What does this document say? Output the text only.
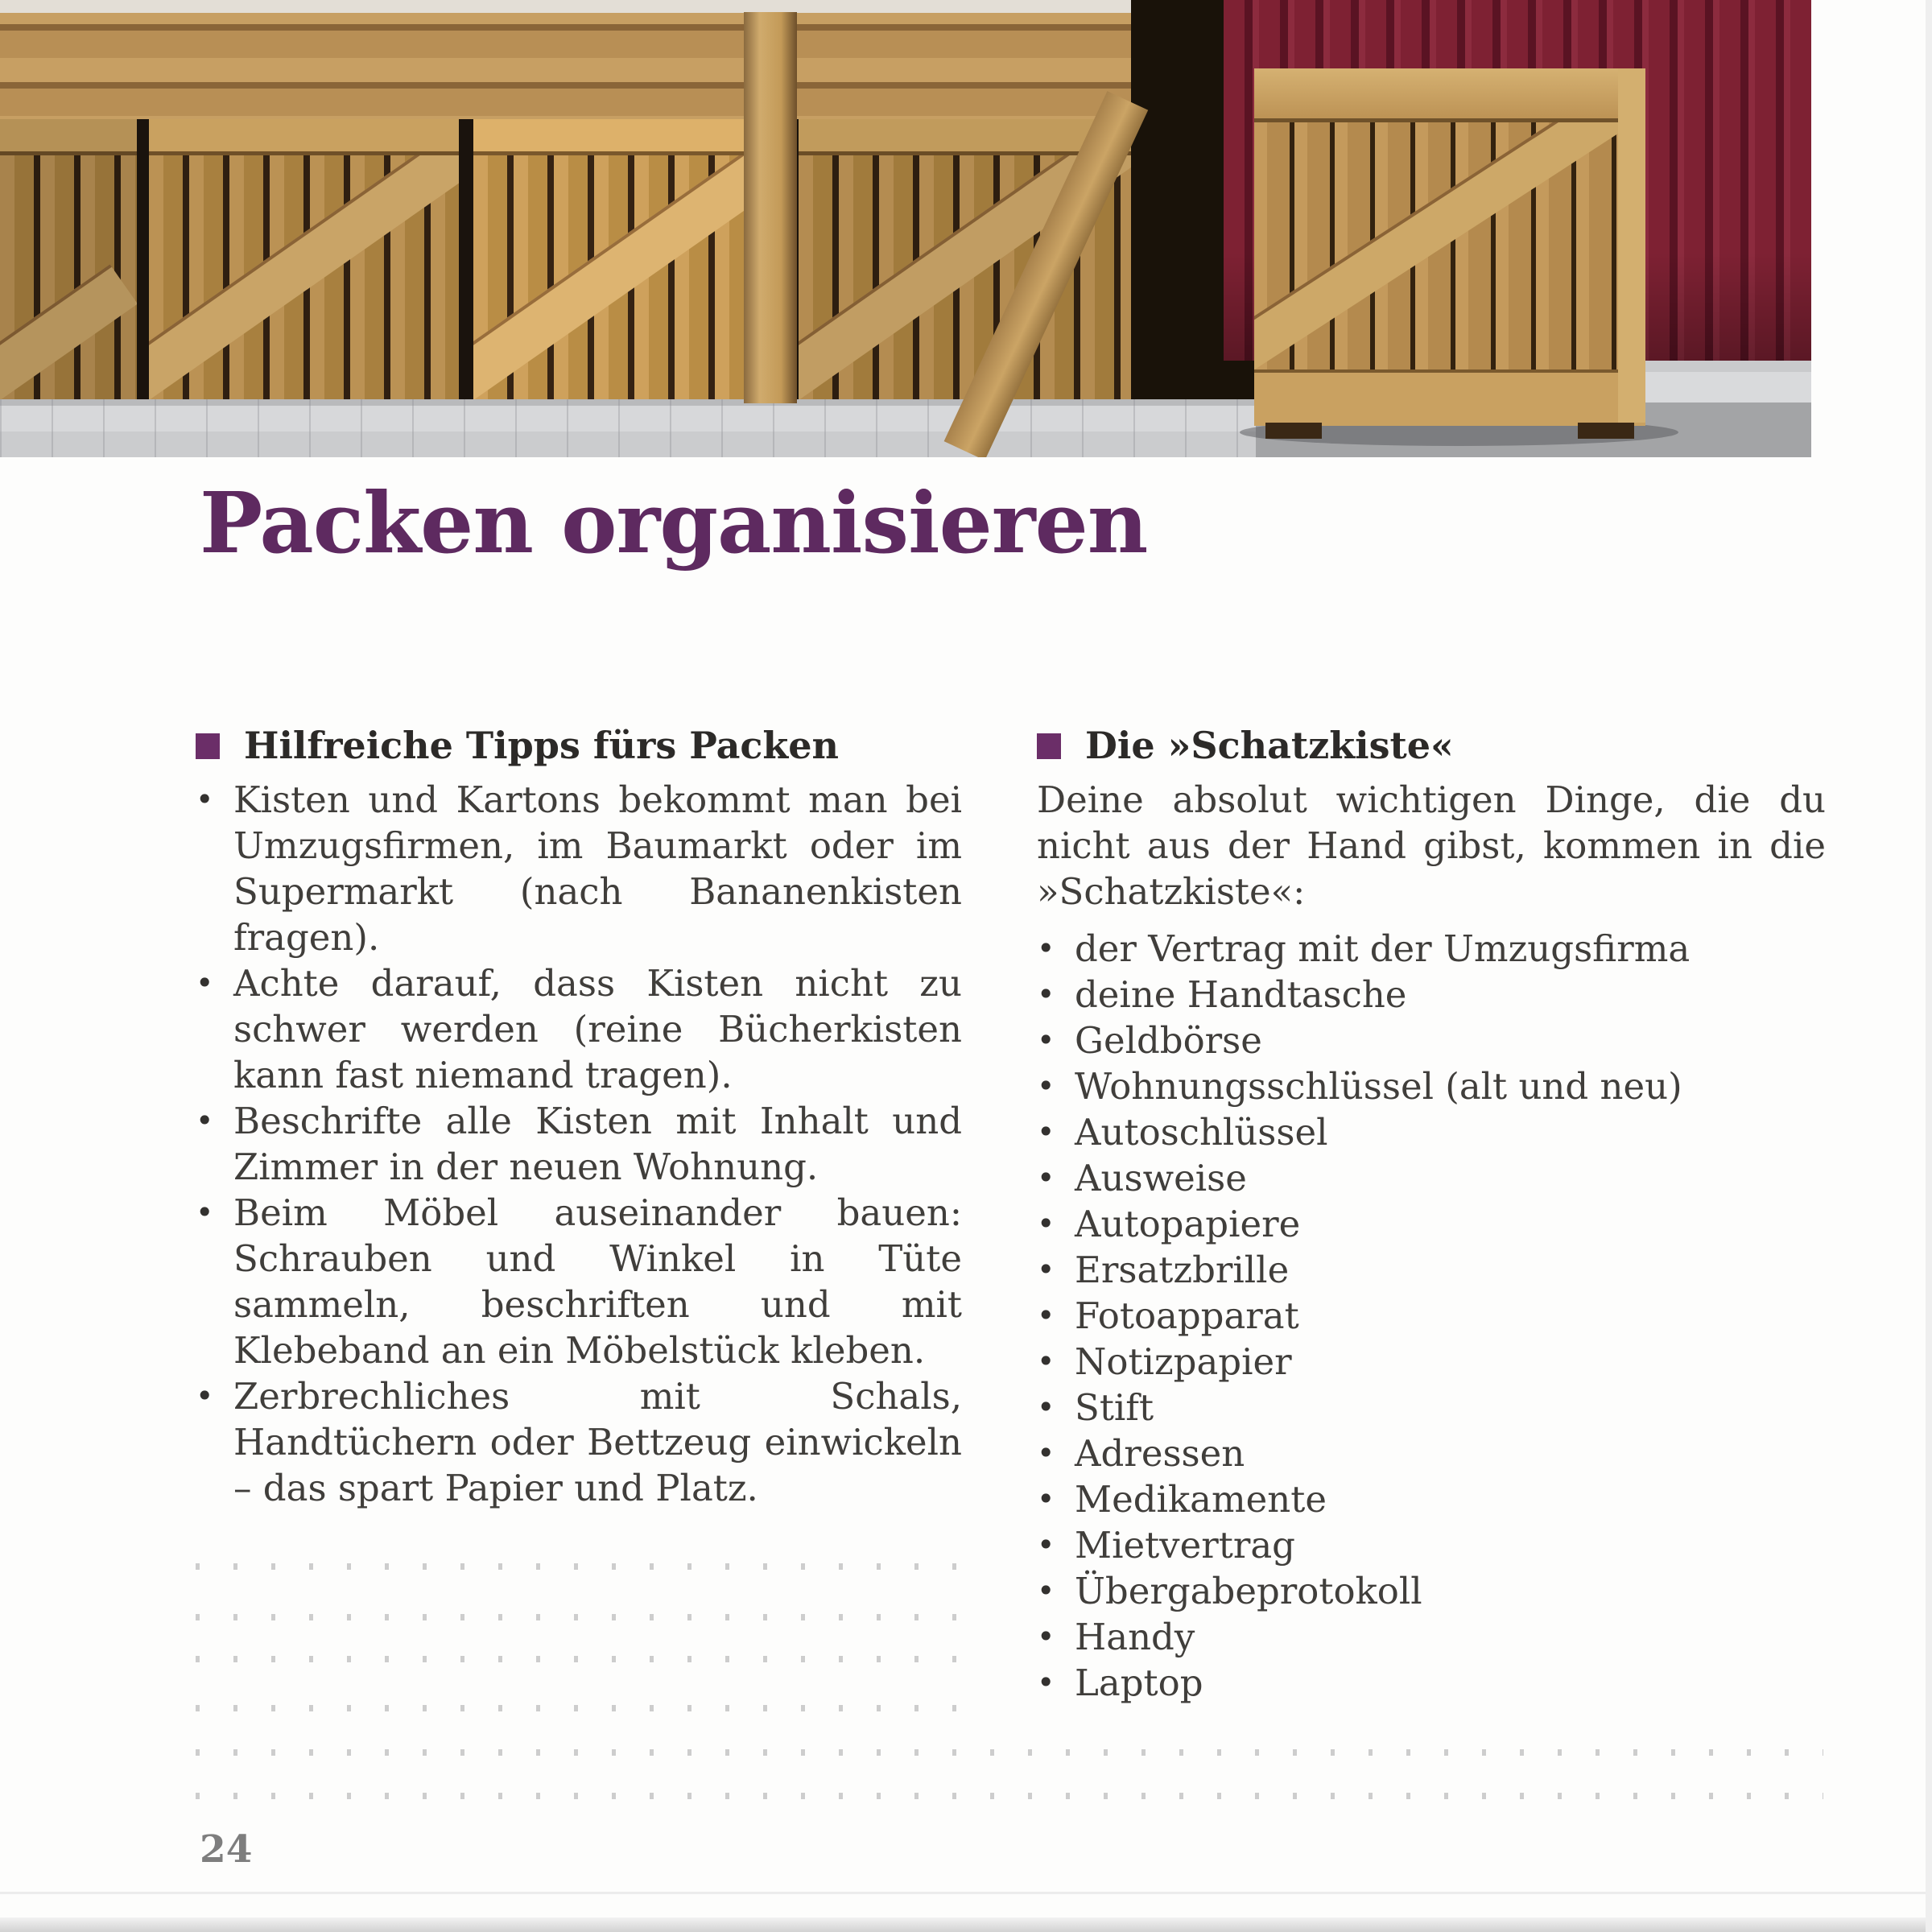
Packen organisieren
Hilfreiche Tipps fürs Packen
• Kisten und Kartons bekommt man bei Umzugsfirmen, im Baumarkt oder im Supermarkt (nach Bananenkisten fragen).
• Achte darauf, dass Kisten nicht zu schwer werden (reine Bücherkisten kann fast niemand tragen).
• Beschrifte alle Kisten mit Inhalt und Zimmer in der neuen Wohnung.
• Beim Möbel auseinander bauen: Schrauben und Winkel in Tüte sammeln, beschriften und mit Klebeband an ein Möbelstück kleben.
• Zerbrechliches mit Schals, Handtüchern oder Bettzeug einwickeln – das spart Papier und Platz.
Die »Schatzkiste«

Deine absolut wichtigen Dinge, die du nicht aus der Hand gibst, kommen in die »Schatzkiste«:

• der Vertrag mit der Umzugsfirma
• deine Handtasche
• Geldbörse
• Wohnungsschlüssel (alt und neu)
• Autoschlüssel
• Ausweise
• Autopapiere
• Ersatzbrille
• Fotoapparat
• Notizpapier
• Stift
• Adressen
• Medikamente
• Mietvertrag
• Übergabeprotokoll
• Handy
• Laptop
24
